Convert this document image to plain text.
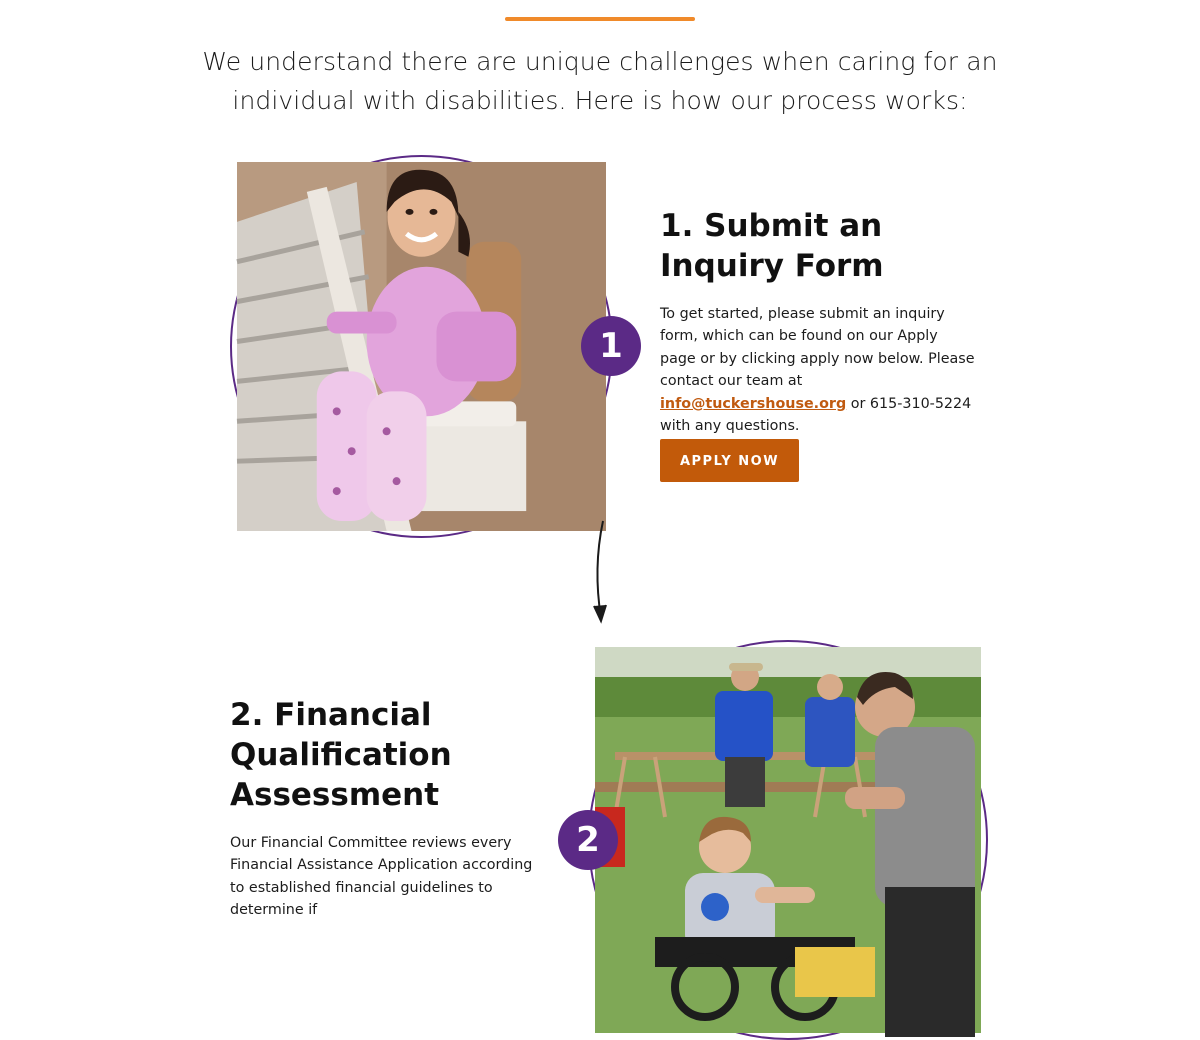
We understand there are unique challenges when caring for an individual with disabilities. Here is how our process works:

1
1. Submit an Inquiry Form

To get started, please submit an inquiry form, which can be found on our Apply page or by clicking apply now below. Please contact our team at info@tuckershouse.org or 615-310-5224 with any questions.

APPLY NOW
2. Financial Qualification Assessment

Our Financial Committee reviews every Financial Assistance Application according to established financial guidelines to determine if

2
